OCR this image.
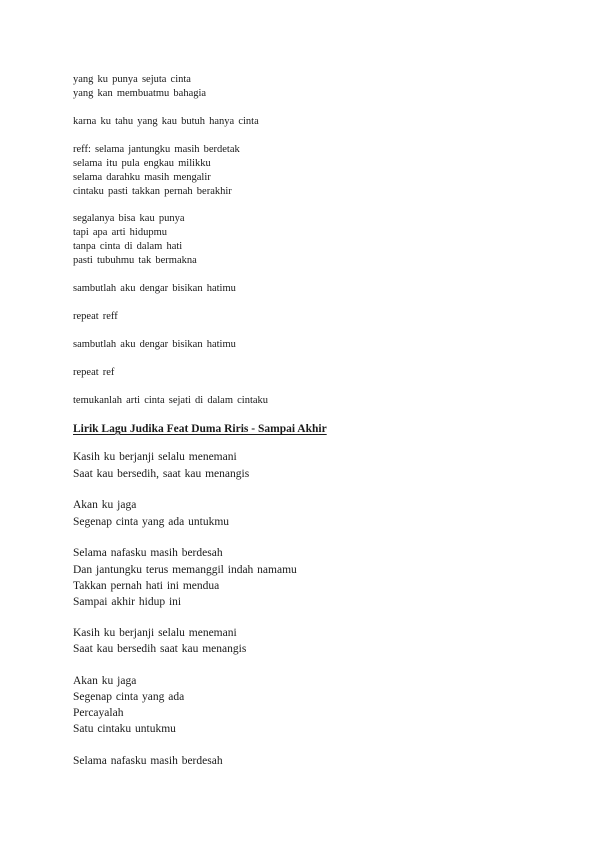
yang ku punya sejuta cinta
yang kan membuatmu bahagia
karna ku tahu yang kau butuh hanya cinta
reff: selama jantungku masih berdetak
selama itu pula engkau milikku
selama darahku masih mengalir
cintaku pasti takkan pernah berakhir
segalanya bisa kau punya
tapi apa arti hidupmu
tanpa cinta di dalam hati
pasti tubuhmu tak bermakna
sambutlah aku dengar bisikan hatimu
repeat reff
sambutlah aku dengar bisikan hatimu
repeat ref
temukanlah arti cinta sejati di dalam cintaku
Lirik Lagu Judika Feat Duma Riris - Sampai Akhir
Kasih ku berjanji selalu menemani
Saat kau bersedih, saat kau menangis
Akan ku jaga
Segenap cinta yang ada untukmu
Selama nafasku masih berdesah
Dan jantungku terus memanggil indah namamu
Takkan pernah hati ini mendua
Sampai akhir hidup ini
Kasih ku berjanji selalu menemani
Saat kau bersedih saat kau menangis
Akan ku jaga
Segenap cinta yang ada
Percayalah
Satu cintaku untukmu
Selama nafasku masih berdesah
